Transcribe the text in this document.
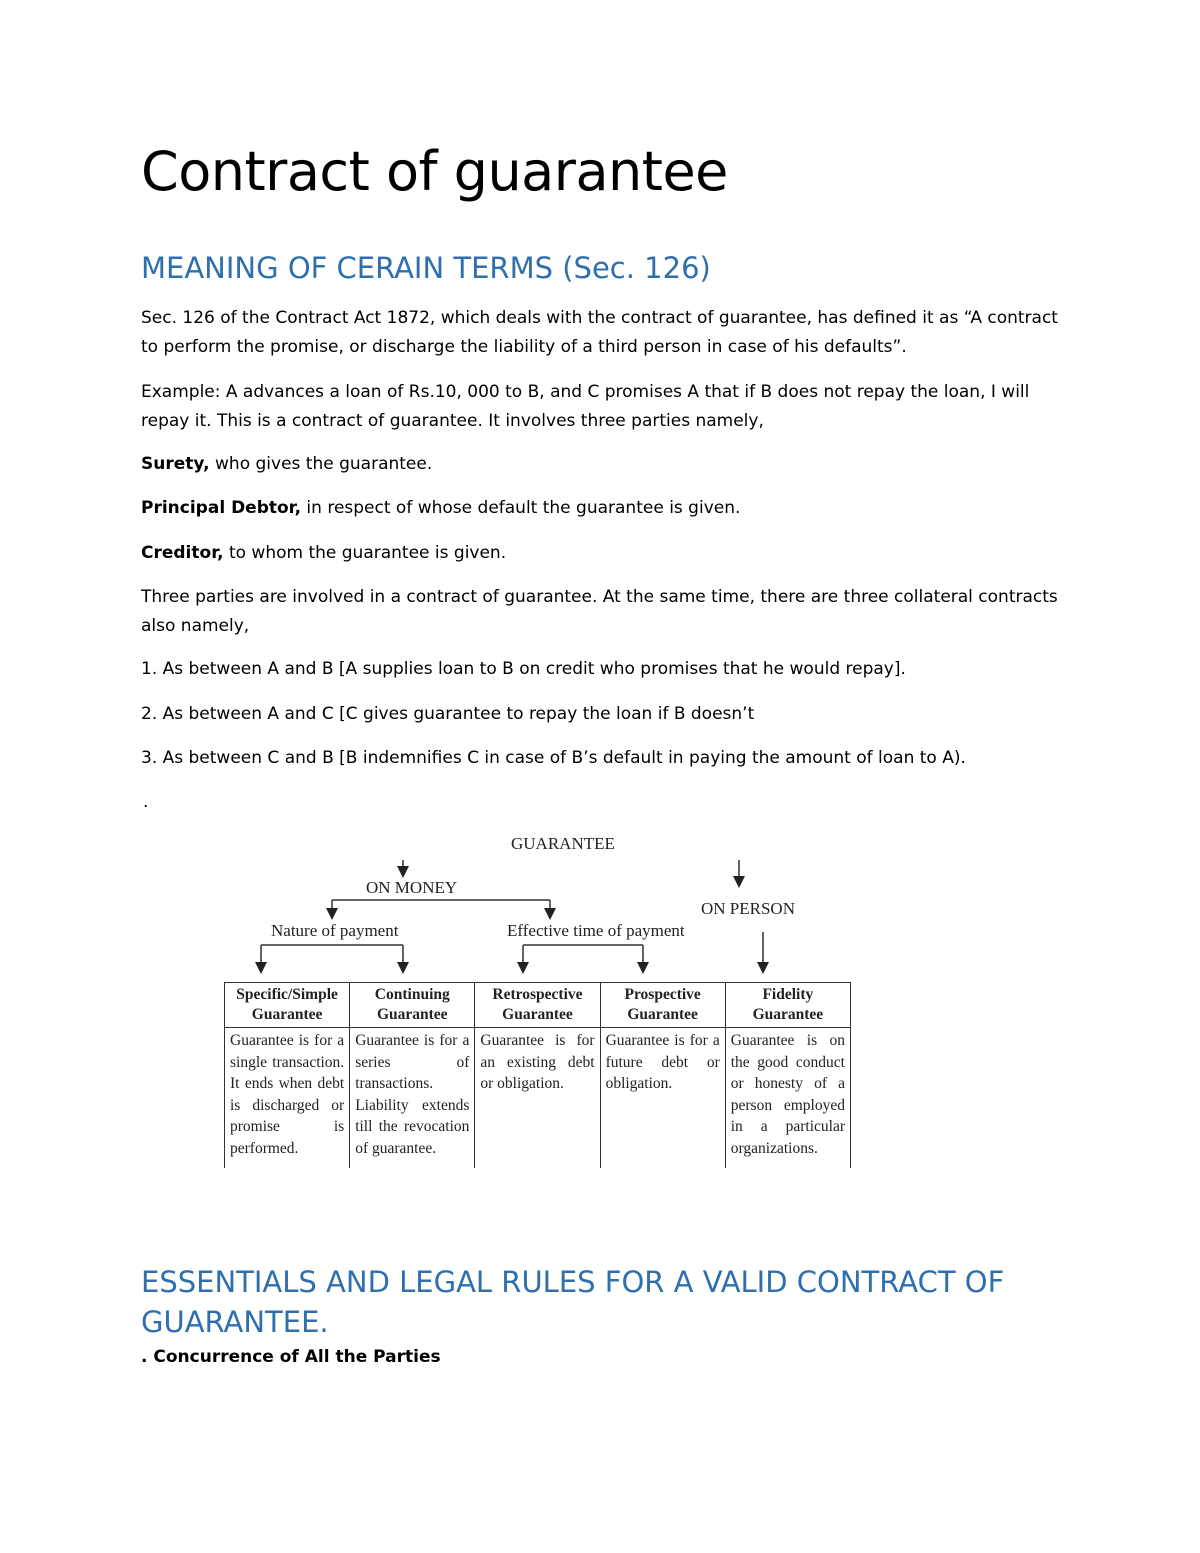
Contract of guarantee
MEANING OF CERAIN TERMS (Sec. 126)

Sec. 126 of the Contract Act 1872, which deals with the contract of guarantee, has defined it as “A contract to perform the promise, or discharge the liability of a third person in case of his defaults”.

Example: A advances a loan of Rs.10, 000 to B, and C promises A that if B does not repay the loan, I will repay it. This is a contract of guarantee. It involves three parties namely,

Surety, who gives the guarantee.

Principal Debtor, in respect of whose default the guarantee is given.

Creditor, to whom the guarantee is given.

Three parties are involved in a contract of guarantee. At the same time, there are three collateral contracts also namely,

1. As between A and B [A supplies loan to B on credit who promises that he would repay].

2. As between A and C [C gives guarantee to repay the loan if B doesn’t

3. As between C and B [B indemnifies C in case of B’s default in paying the amount of loan to A).

.
GUARANTEE
ON MONEY
ON PERSON
Nature of payment	Effective time of payment
Specific/Simple Guarantee	Continuing Guarantee	Retrospective Guarantee	Prospective Guarantee	Fidelity Guarantee
Guarantee is for a single transaction. It ends when debt is discharged or promise is performed.	Guarantee is for a series of transactions. Liability extends till the revocation of guarantee.	Guarantee is for an existing debt or obligation.	Guarantee is for a future debt or obligation.	Guarantee is on the good conduct or honesty of a person employed in a particular organizations.
ESSENTIALS AND LEGAL RULES FOR A VALID CONTRACT OF GUARANTEE.

. Concurrence of All the Parties
